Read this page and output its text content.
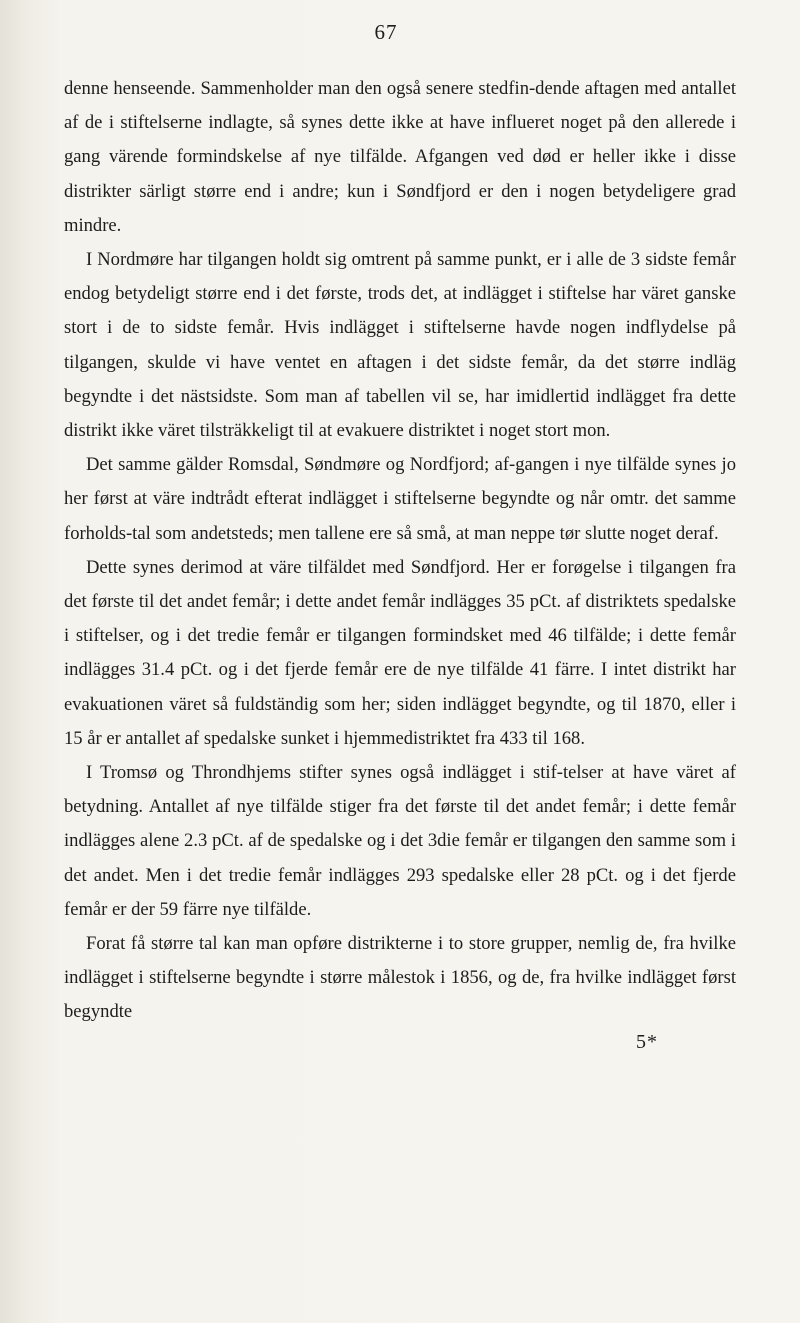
67

denne henseende. Sammenholder man den også senere stedfin-dende aftagen med antallet af de i stiftelserne indlagte, så synes dette ikke at have influeret noget på den allerede i gang värende formindskelse af nye tilfälde. Afgangen ved død er heller ikke i disse distrikter särligt større end i andre; kun i Søndfjord er den i nogen betydeligere grad mindre.

I Nordmøre har tilgangen holdt sig omtrent på samme punkt, er i alle de 3 sidste femår endog betydeligt større end i det første, trods det, at indlägget i stiftelse har väret ganske stort i de to sidste femår. Hvis indlägget i stiftelserne havde nogen indflydelse på tilgangen, skulde vi have ventet en aftagen i det sidste femår, da det større indläg begyndte i det nästsidste. Som man af tabellen vil se, har imidlertid indlägget fra dette distrikt ikke väret tilsträkkeligt til at evakuere distriktet i noget stort mon.

Det samme gälder Romsdal, Søndmøre og Nordfjord; af-gangen i nye tilfälde synes jo her først at väre indtrådt efterat indlägget i stiftelserne begyndte og når omtr. det samme forholds-tal som andetsteds; men tallene ere så små, at man neppe tør slutte noget deraf.

Dette synes derimod at väre tilfäldet med Søndfjord. Her er forøgelse i tilgangen fra det første til det andet femår; i dette andet femår indlägges 35 pCt. af distriktets spedalske i stiftelser, og i det tredie femår er tilgangen formindsket med 46 tilfälde; i dette femår indlägges 31.4 pCt. og i det fjerde femår ere de nye tilfälde 41 färre. I intet distrikt har evakuationen väret så fuldständig som her; siden indlägget begyndte, og til 1870, eller i 15 år er antallet af spedalske sunket i hjemmedistriktet fra 433 til 168.

I Tromsø og Throndhjems stifter synes også indlägget i stif-telser at have väret af betydning. Antallet af nye tilfälde stiger fra det første til det andet femår; i dette femår indlägges alene 2.3 pCt. af de spedalske og i det 3die femår er tilgangen den samme som i det andet. Men i det tredie femår indlägges 293 spedalske eller 28 pCt. og i det fjerde femår er der 59 färre nye tilfälde.

Forat få større tal kan man opføre distrikterne i to store grupper, nemlig de, fra hvilke indlägget i stiftelserne begyndte i større målestok i 1856, og de, fra hvilke indlägget først begyndte

5*
